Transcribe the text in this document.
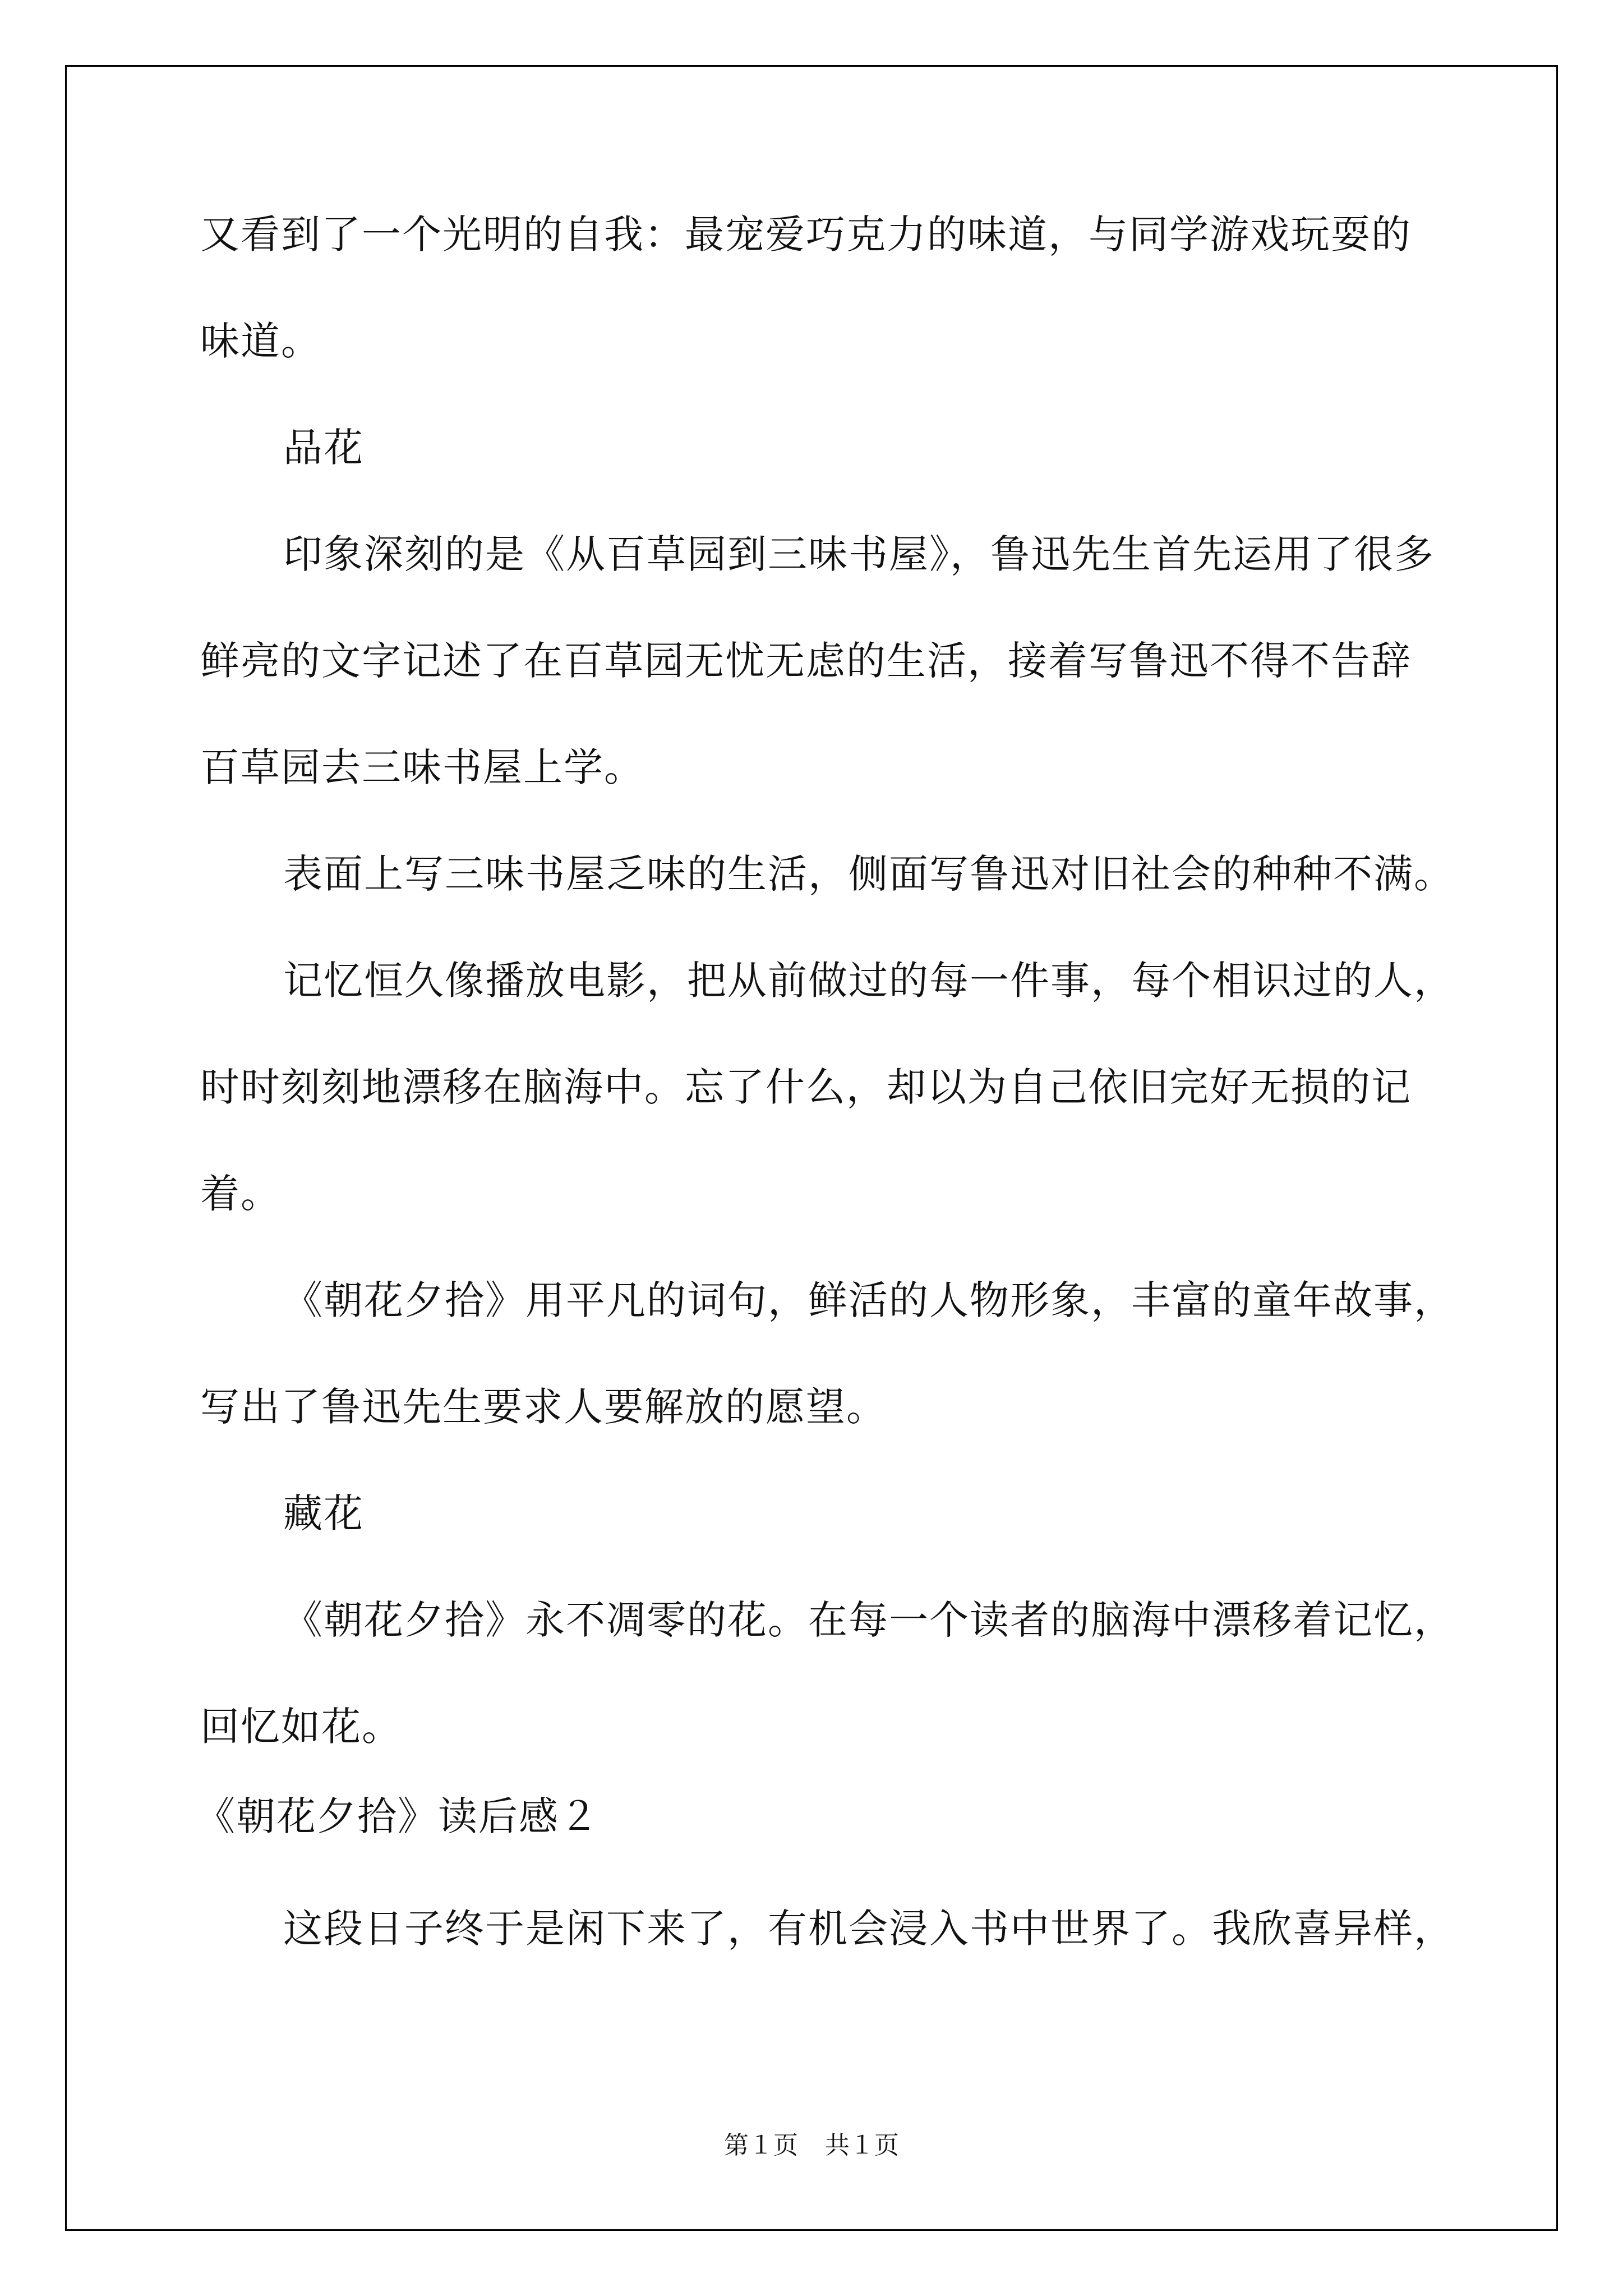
又看到了一个光明的自我：最宠爱巧克力的味道，与同学游戏玩耍的
味道。
品花
印象深刻的是《从百草园到三味书屋》，鲁迅先生首先运用了很多
鲜亮的文字记述了在百草园无忧无虑的生活，接着写鲁迅不得不告辞
百草园去三味书屋上学。
表面上写三味书屋乏味的生活，侧面写鲁迅对旧社会的种种不满。
记忆恒久像播放电影，把从前做过的每一件事，每个相识过的人，
时时刻刻地漂移在脑海中。忘了什么，却以为自己依旧完好无损的记
着。
《朝花夕拾》用平凡的词句，鲜活的人物形象，丰富的童年故事，
写出了鲁迅先生要求人要解放的愿望。
藏花
《朝花夕拾》永不凋零的花。在每一个读者的脑海中漂移着记忆，
回忆如花。
《朝花夕拾》读后感２
这段日子终于是闲下来了，有机会浸入书中世界了。我欣喜异样，
第１页 共１页
